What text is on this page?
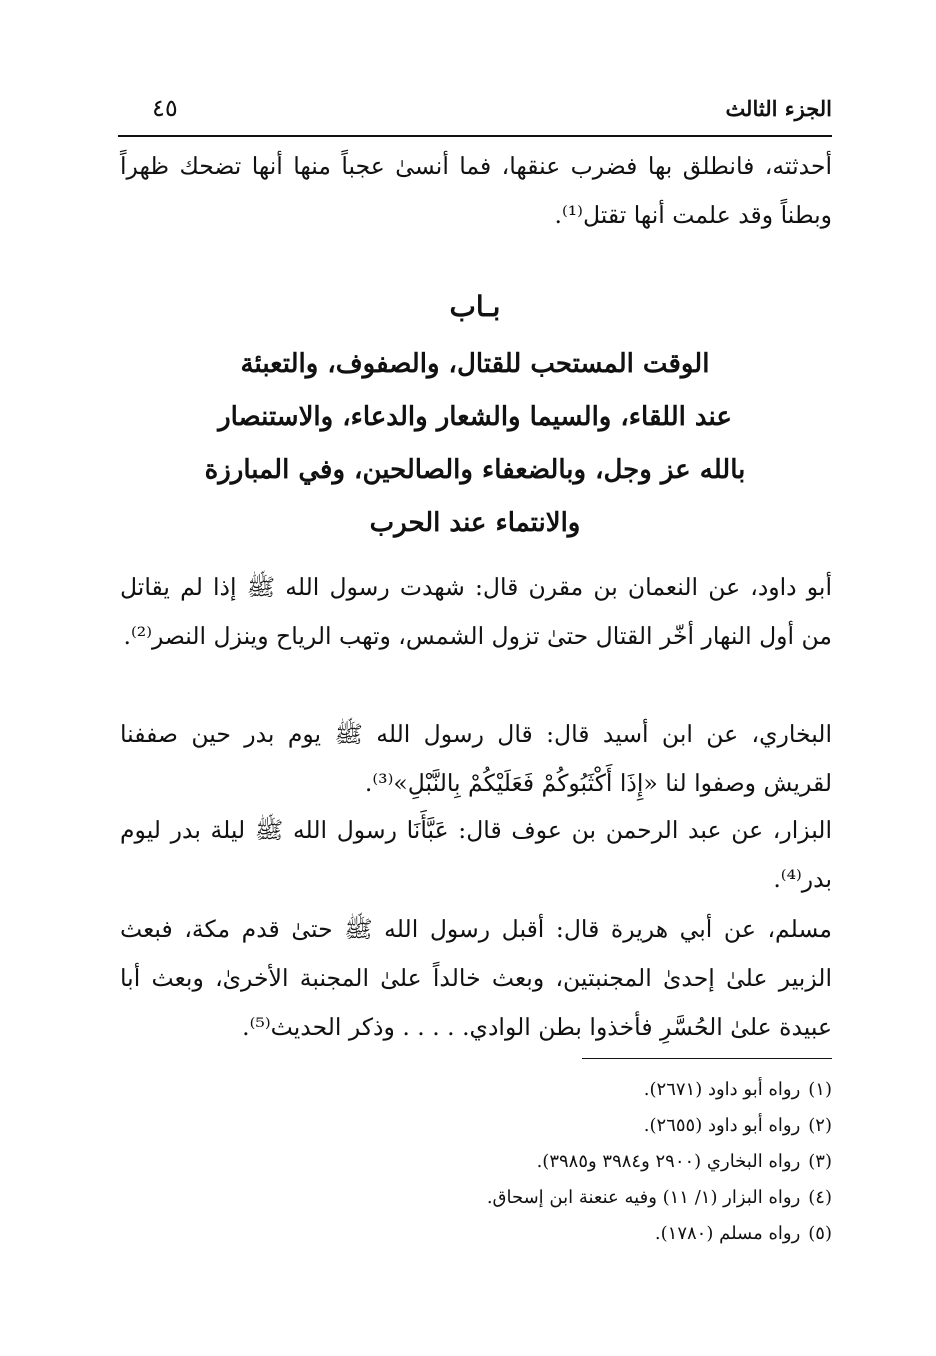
الجزء الثالث
٤٥

أحدثته، فانطلق بها فضرب عنقها، فما أنسىٰ عجباً منها أنها تضحك ظهراً وبطناً وقد علمت أنها تقتل⁽¹⁾.

بـاب
الوقت المستحب للقتال، والصفوف، والتعبئة
عند اللقاء، والسيما والشعار والدعاء، والاستنصار
بالله عز وجل، وبالضعفاء والصالحين، وفي المبارزة
والانتماء عند الحرب

أبو داود، عن النعمان بن مقرن قال: شهدت رسول الله ﷺ إذا لم يقاتل من أول النهار أخّر القتال حتىٰ تزول الشمس، وتهب الرياح وينزل النصر⁽²⁾.

البخاري، عن ابن أسيد قال: قال رسول الله ﷺ يوم بدر حين صففنا لقريش وصفوا لنا «إِذَا أَكْثَبُوكُمْ فَعَلَيْكُمْ بِالنَّبْلِ»⁽³⁾.

البزار، عن عبد الرحمن بن عوف قال: عَبَّأَنَا رسول الله ﷺ ليلة بدر ليوم بدر⁽⁴⁾.

مسلم، عن أبي هريرة قال: أقبل رسول الله ﷺ حتىٰ قدم مكة، فبعث الزبير علىٰ إحدىٰ المجنبتين، وبعث خالداً علىٰ المجنبة الأخرىٰ، وبعث أبا عبيدة علىٰ الحُسَّرِ فأخذوا بطن الوادي. . . . . وذكر الحديث⁽⁵⁾.

(١)رواه أبو داود (٢٦٧١).
(٢)رواه أبو داود (٢٦٥٥).
(٣)رواه البخاري (٢٩٠٠ و٣٩٨٤ و٣٩٨٥).
(٤)رواه البزار (١/ ١١) وفيه عنعنة ابن إسحاق.
(٥)رواه مسلم (١٧٨٠).
